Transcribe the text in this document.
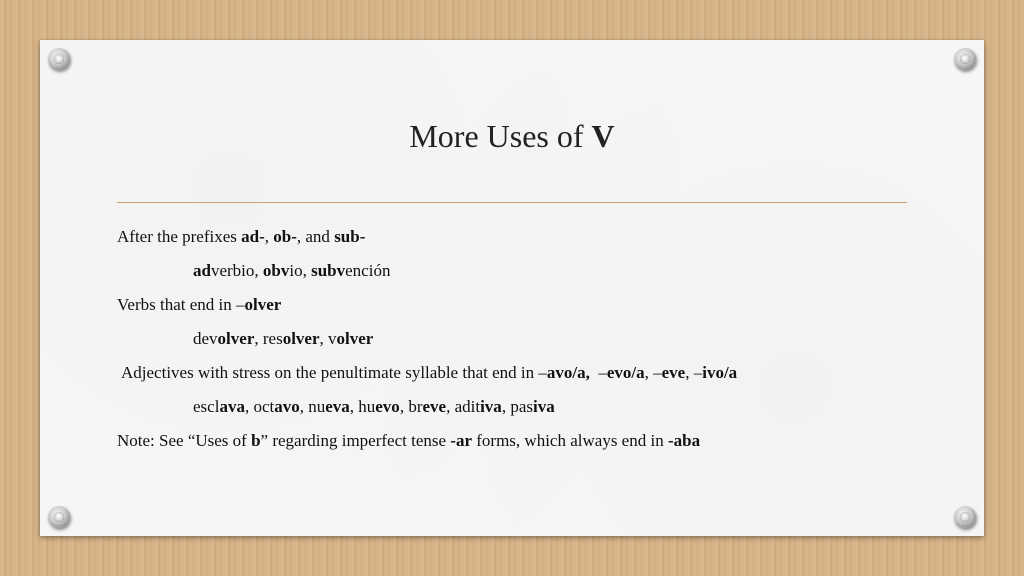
More Uses of V
After the prefixes ad-, ob-, and sub-
adverbio, obvio, subvención
Verbs that end in –olver
devolver, resolver, volver
Adjectives with stress on the penultimate syllable that end in –avo/a,  –evo/a, –eve, –ivo/a
esclava, octavo, nueva, huevo, breve, aditiva, pasiva
Note: See “Uses of b” regarding imperfect tense -ar forms, which always end in -aba
